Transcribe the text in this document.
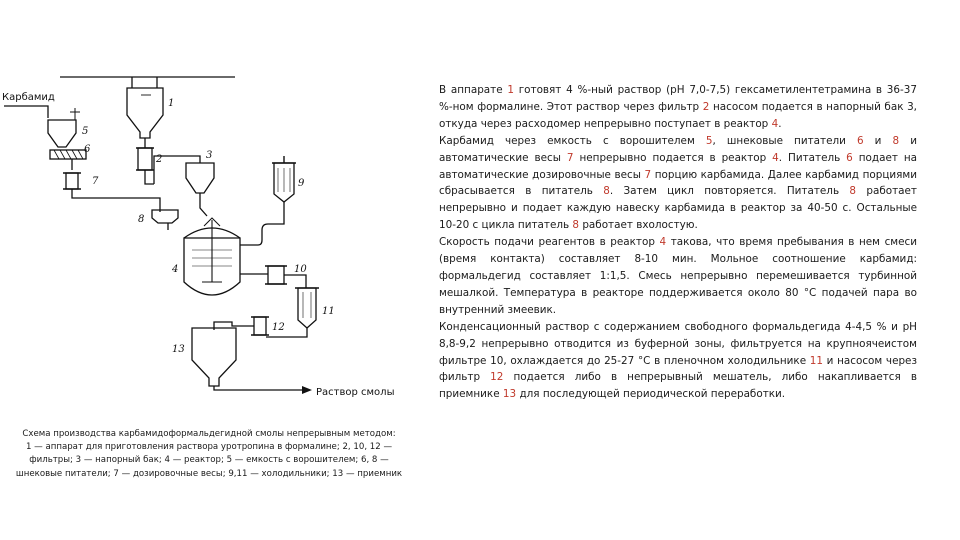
Карбамид
Раствор смолы
1
2	3
4
5
6
7
8
9
10
11
12
13
Схема производства карбамидоформальдегидной смолы непрерывным методом:
1 — аппарат для приготовления раствора уротропина в формалине; 2, 10, 12 — фильтры; 3 — напорный бак; 4 — реактор; 5 — емкость с ворошителем; 6, 8 — шнековые питатели; 7 — дозировочные весы; 9,11 — холодильники; 13 — приемник

В аппарате 1 готовят 4 %-ный раствор (рН 7,0-7,5) гексаметилентетрамина в 36-37 %-ном формалине. Этот раствор через фильтр 2 насосом подается в напорный бак 3, откуда через расходомер непрерывно поступает в реактор 4.

Карбамид через емкость с ворошителем 5, шнековые питатели 6 и 8 и автоматические весы 7 непрерывно подается в реактор 4. Питатель 6 подает на автоматические дозировочные весы 7 порцию карбамида. Далее карбамид порциями сбрасывается в питатель 8. Затем цикл повторяется. Питатель 8 работает непрерывно и подает каждую навеску карбамида в реактор за 40-50 с. Остальные 10-20 с цикла питатель 8 работает вхолостую.

Скорость подачи реагентов в реактор 4 такова, что время пребывания в нем смеси (время контакта) составляет 8-10 мин. Мольное соотношение карбамид: формальдегид составляет 1:1,5. Смесь непрерывно перемешивается турбинной мешалкой. Температура в реакторе поддерживается около 80 °С подачей пара во внутренний змеевик.

Конденсационный раствор с содержанием свободного формальдегида 4-4,5 % и рН 8,8-9,2 непрерывно отводится из буферной зоны, фильтруется на крупноячеистом фильтре 10, охлаждается до 25-27 °С в пленочном холодильнике 11 и насосом через фильтр 12 подается либо в непрерывный мешатель, либо накапливается в приемнике 13 для последующей периодической переработки.
